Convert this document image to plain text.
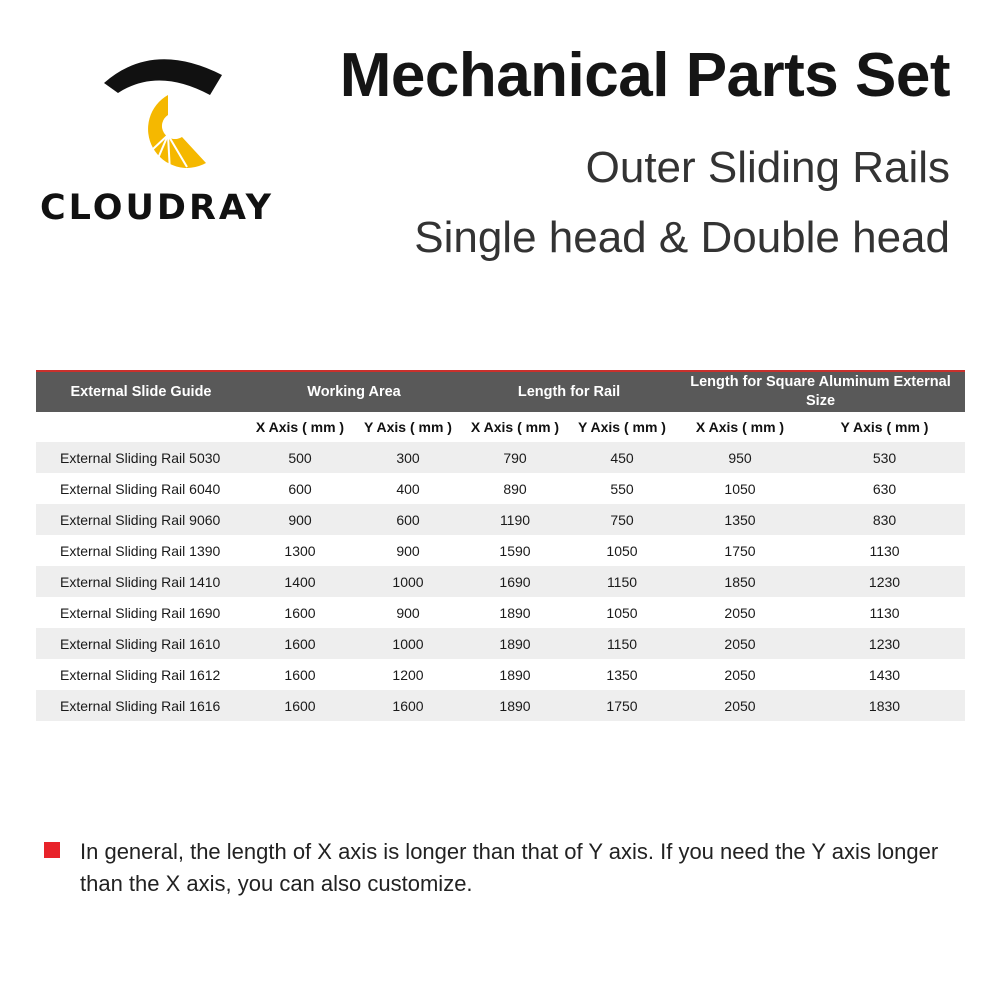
CLOUDRAY
Mechanical Parts Set
Outer Sliding Rails
Single head & Double head
External Slide Guide	Working Area		Length for Rail		Length for Square Aluminum External Size	
	X Axis ( mm )	Y Axis ( mm )	X Axis ( mm )	Y Axis ( mm )	X Axis ( mm )	Y Axis ( mm )
External Sliding Rail 5030	500	300	790	450	950	530
External Sliding Rail 6040	600	400	890	550	1050	630
External Sliding Rail 9060	900	600	1190	750	1350	830
External Sliding Rail 1390	1300	900	1590	1050	1750	1130
External Sliding Rail 1410	1400	1000	1690	1150	1850	1230
External Sliding Rail 1690	1600	900	1890	1050	2050	1130
External Sliding Rail 1610	1600	1000	1890	1150	2050	1230
External Sliding Rail 1612	1600	1200	1890	1350	2050	1430
External Sliding Rail 1616	1600	1600	1890	1750	2050	1830
In general, the length of X axis is longer than that of Y axis. If you need the Y axis longer than the X axis, you can also customize.
